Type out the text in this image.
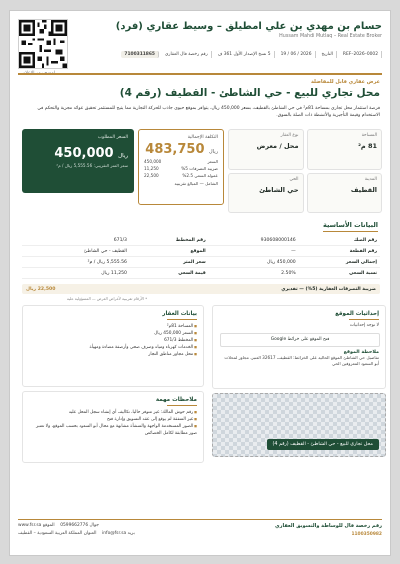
حسام بن مهدي بن علي امطيلق – وسيط عقاري (فرد)
Hussam Mahdi Mutlaq – Real Estate Broker
REF–2026–0002
التاريخ
2026 / 06 / 19
5 نسخ الإصدار الأول 361 ف
رقم رخصة فال العقاري
7100311865
عرض عقاري قابل للمفاضلة
محل تجاري للبيع - حي الشاطئ - القطيف (رقم 4)
فرصة استثمار محل تجاري بمساحة 81م² في حي الشاطئ بالقطيف، بسعر 450,000 ريال، يتوافر بموقع حيوي جاذب للحركة التجارية مما يتيح للمستثمر تحقيق عوائد مجزية والتحكم في الاستخدام وقيمة التأجيرية والأنشطة ذات الصلة بالسوق.
السعر المطلوب
ريال 450,000
سعر المتر التقريبي: 5,555.56 ريال / م²
التكلفة الإجمالية
ريال 483,750
السعر
450,000
ضريبة التصرفات 5%
11,250
عمولة السعي 2.5%
22,500
الشامل — المبالغ تقريبية
المساحة
81 م²
نوع العقار
محل / معرض
المدينة
القطيف
الحي
حي الشاطئ
البيانات الأساسية
رقم الصك	930608000146	رقم المخطط	671/3
رقم القطعة	—	الموقع	القطيف - حي الشاطئ
إجمالي السعر	450,000 ريال	سعر المتر	5,555.56 ريال / م²
نسبة السعي	2.50%	قيمة السعي	11,250 ريال
ضريبة التصرفات العقارية (5%) — تقديري
22,500 ريال
* الأرقام تقريبية لأغراض العرض — المسؤولية عليه
بيانات العقار
■ المساحة 81م²
■ السعر 450,000 ريال
■ المخطط 671/3
■ الخدمات كهرباء ومياه وصرف صحي وأرصفة مضاءة ومهيأة
■ محل مجاور مناطق التجار
ملاحظات مهمة
■ رقم حوش المالك: غير متوفر حاليا، تكاليف أي إنشاء سجل المحل عليه
■ غير المتفقة لم يوقع إلى عقد التسويق وإدارة فتح
■ الصور المستخدمة الواجهة والمنشأة مشابهة مع محال أبو السعود بحسب الموقع، ولا تعتبر صور مطابقة لكامل الخصائص
إحداثيات الموقع
لا توجد إحداثيات
ملاحظة الموقع
تفاصيل حي الشاطئ الموقع الحالية على الخرائط: القطيف، 32617 العنبر، مجاور لمحلات أبو السعود المعروفين الحي
فتح الموقع على خرائط Google
محل تجاري للبيع - حي الشاطئ - القطيف (رقم 4)
رقم رخصة فال للوساطة والتسويق العقاري
1100350982
جوال 0599662776    الموقع www.fsr.sa
بريد info@fsr.sa    العنوان المملكة العربية السعودية – القطيف
